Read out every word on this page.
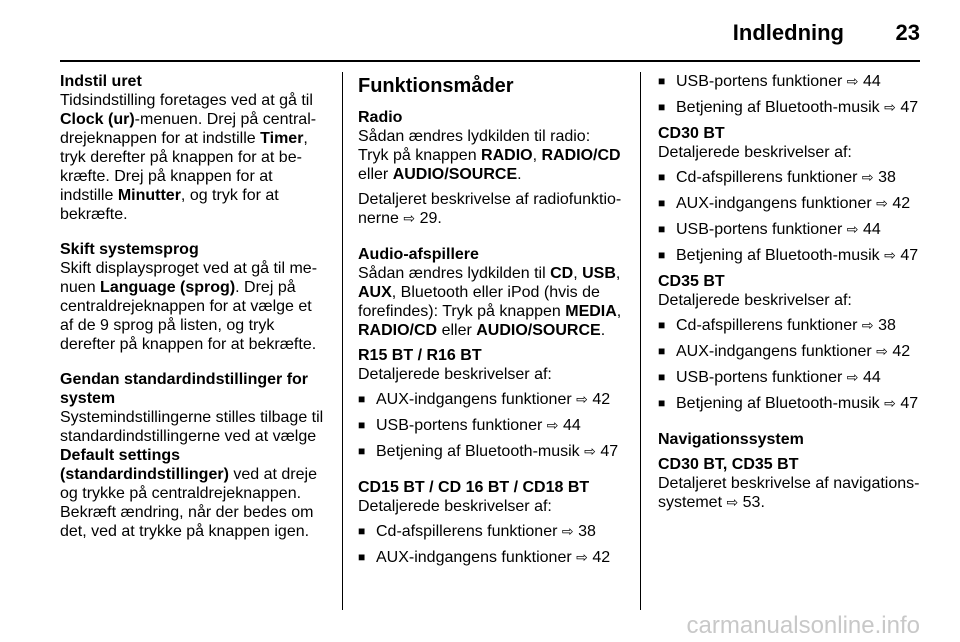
Indledning 23

Indstil uret

Tidsindstilling foretages ved at gå til Clock (ur)-menuen. Drej på centraldrejeknappen for at indstille Timer, tryk derefter på knappen for at bekræfte. Drej på knappen for at indstille Minutter, og tryk for at bekræfte.

Skift systemsprog

Skift displaysproget ved at gå til menuen Language (sprog). Drej på centraldrejeknappen for at vælge et af de 9 sprog på listen, og tryk derefter på knappen for at bekræfte.

Gendan standardindstillinger for system

Systemindstillingerne stilles tilbage til standardindstillingerne ved at vælge Default settings (standardindstillinger) ved at dreje og trykke på centraldrejeknappen. Bekræft ændring, når der bedes om det, ved at trykke på knappen igen.

Funktionsmåder

Radio

Sådan ændres lydkilden til radio: Tryk på knappen RADIO, RADIO/CD eller AUDIO/SOURCE.

Detaljeret beskrivelse af radiofunktionerne ⇨ 29.

Audio-afspillere

Sådan ændres lydkilden til CD, USB, AUX, Bluetooth eller iPod (hvis de forefindes): Tryk på knappen MEDIA, RADIO/CD eller AUDIO/SOURCE.

R15 BT / R16 BT

Detaljerede beskrivelser af:

■ AUX-indgangens funktioner ⇨ 42
■ USB-portens funktioner ⇨ 44
■ Betjening af Bluetooth-musik ⇨ 47

CD15 BT / CD 16 BT / CD18 BT

Detaljerede beskrivelser af:

■ Cd-afspillerens funktioner ⇨ 38
■ AUX-indgangens funktioner ⇨ 42
■ USB-portens funktioner ⇨ 44
■ Betjening af Bluetooth-musik ⇨ 47

CD30 BT

Detaljerede beskrivelser af:

■ Cd-afspillerens funktioner ⇨ 38
■ AUX-indgangens funktioner ⇨ 42
■ USB-portens funktioner ⇨ 44
■ Betjening af Bluetooth-musik ⇨ 47

CD35 BT

Detaljerede beskrivelser af:

■ Cd-afspillerens funktioner ⇨ 38
■ AUX-indgangens funktioner ⇨ 42
■ USB-portens funktioner ⇨ 44
■ Betjening af Bluetooth-musik ⇨ 47

Navigationssystem

CD30 BT, CD35 BT

Detaljeret beskrivelse af navigationssystemet ⇨ 53.

carmanualsonline.info
